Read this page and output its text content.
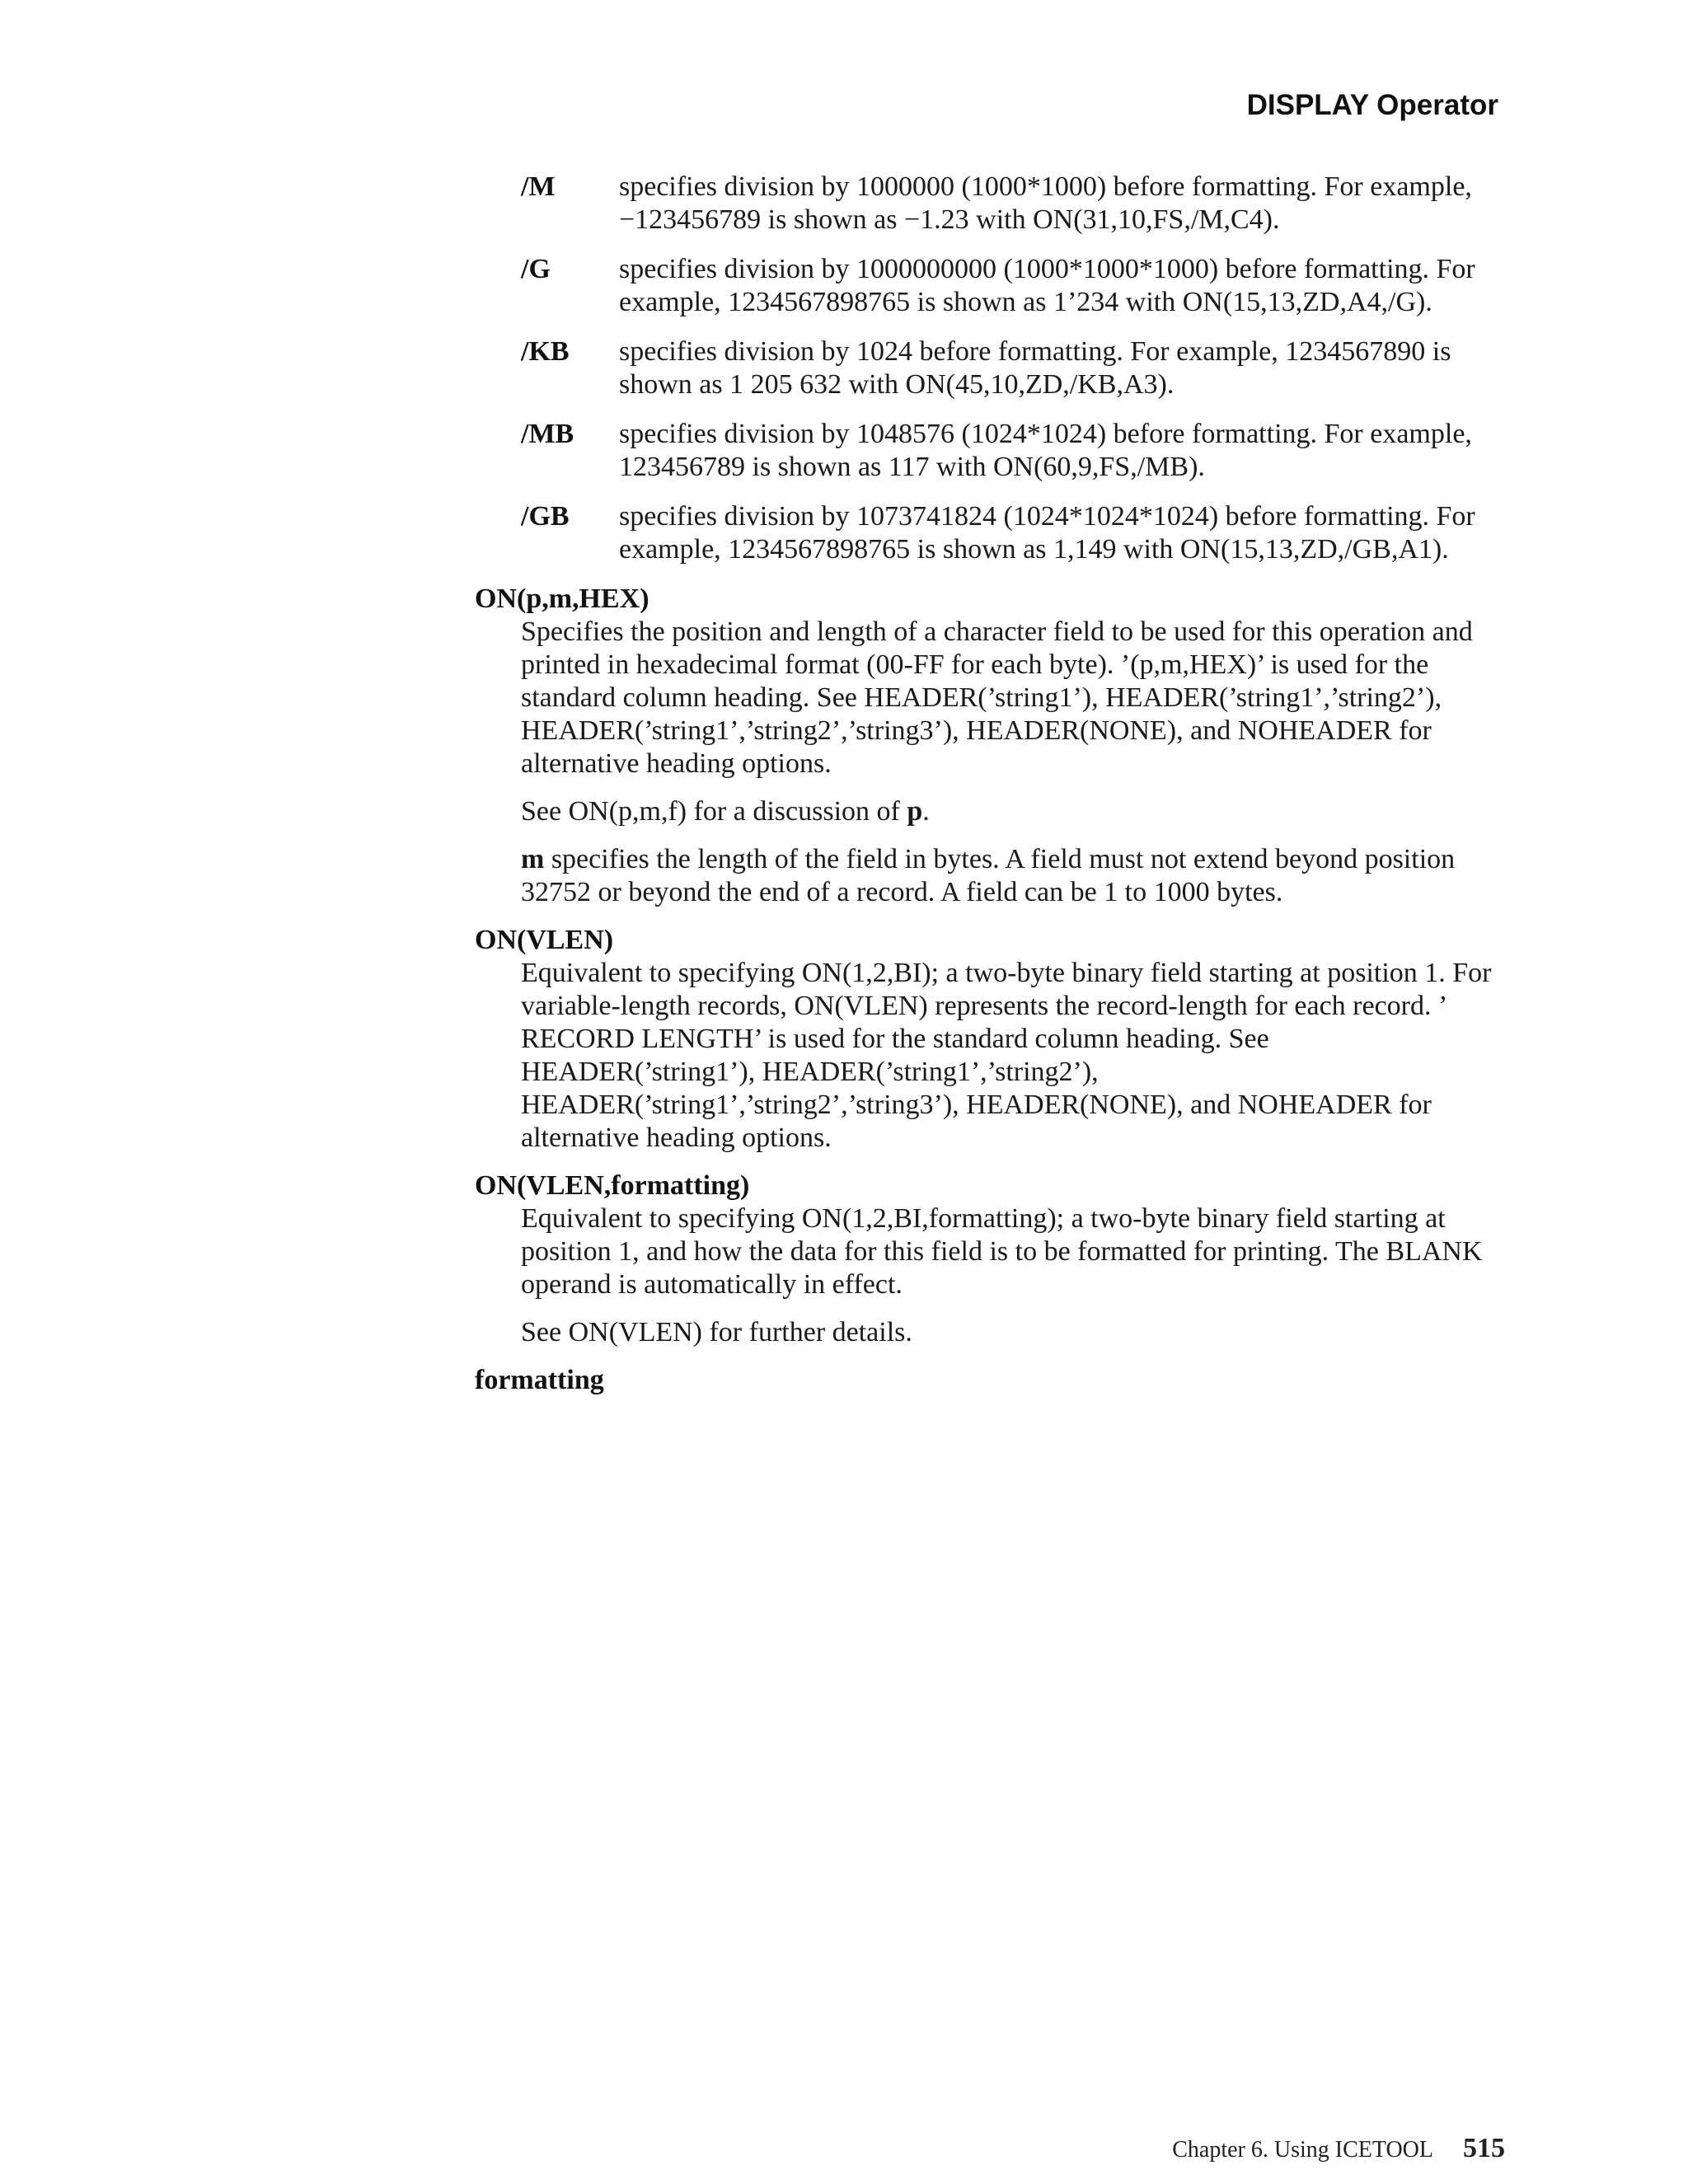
DISPLAY Operator
/M specifies division by 1000000 (1000*1000) before formatting. For example, −123456789 is shown as −1.23 with ON(31,10,FS,/M,C4).
/G specifies division by 1000000000 (1000*1000*1000) before formatting. For example, 1234567898765 is shown as 1’234 with ON(15,13,ZD,A4,/G).
/KB specifies division by 1024 before formatting. For example, 1234567890 is shown as 1 205 632 with ON(45,10,ZD,/KB,A3).
/MB specifies division by 1048576 (1024*1024) before formatting. For example, 123456789 is shown as 117 with ON(60,9,FS,/MB).
/GB specifies division by 1073741824 (1024*1024*1024) before formatting. For example, 1234567898765 is shown as 1,149 with ON(15,13,ZD,/GB,A1).
ON(p,m,HEX)
Specifies the position and length of a character field to be used for this operation and printed in hexadecimal format (00-FF for each byte). ’(p,m,HEX)’ is used for the standard column heading. See HEADER(’string1’), HEADER(’string1’,’string2’), HEADER(’string1’,’string2’,’string3’), HEADER(NONE), and NOHEADER for alternative heading options.
See ON(p,m,f) for a discussion of p.
m specifies the length of the field in bytes. A field must not extend beyond position 32752 or beyond the end of a record. A field can be 1 to 1000 bytes.
ON(VLEN)
Equivalent to specifying ON(1,2,BI); a two-byte binary field starting at position 1. For variable-length records, ON(VLEN) represents the record-length for each record. ’ RECORD LENGTH’ is used for the standard column heading. See HEADER(’string1’), HEADER(’string1’,’string2’), HEADER(’string1’,’string2’,’string3’), HEADER(NONE), and NOHEADER for alternative heading options.
ON(VLEN,formatting)
Equivalent to specifying ON(1,2,BI,formatting); a two-byte binary field starting at position 1, and how the data for this field is to be formatted for printing. The BLANK operand is automatically in effect.
See ON(VLEN) for further details.
formatting
Chapter 6. Using ICETOOL 515
